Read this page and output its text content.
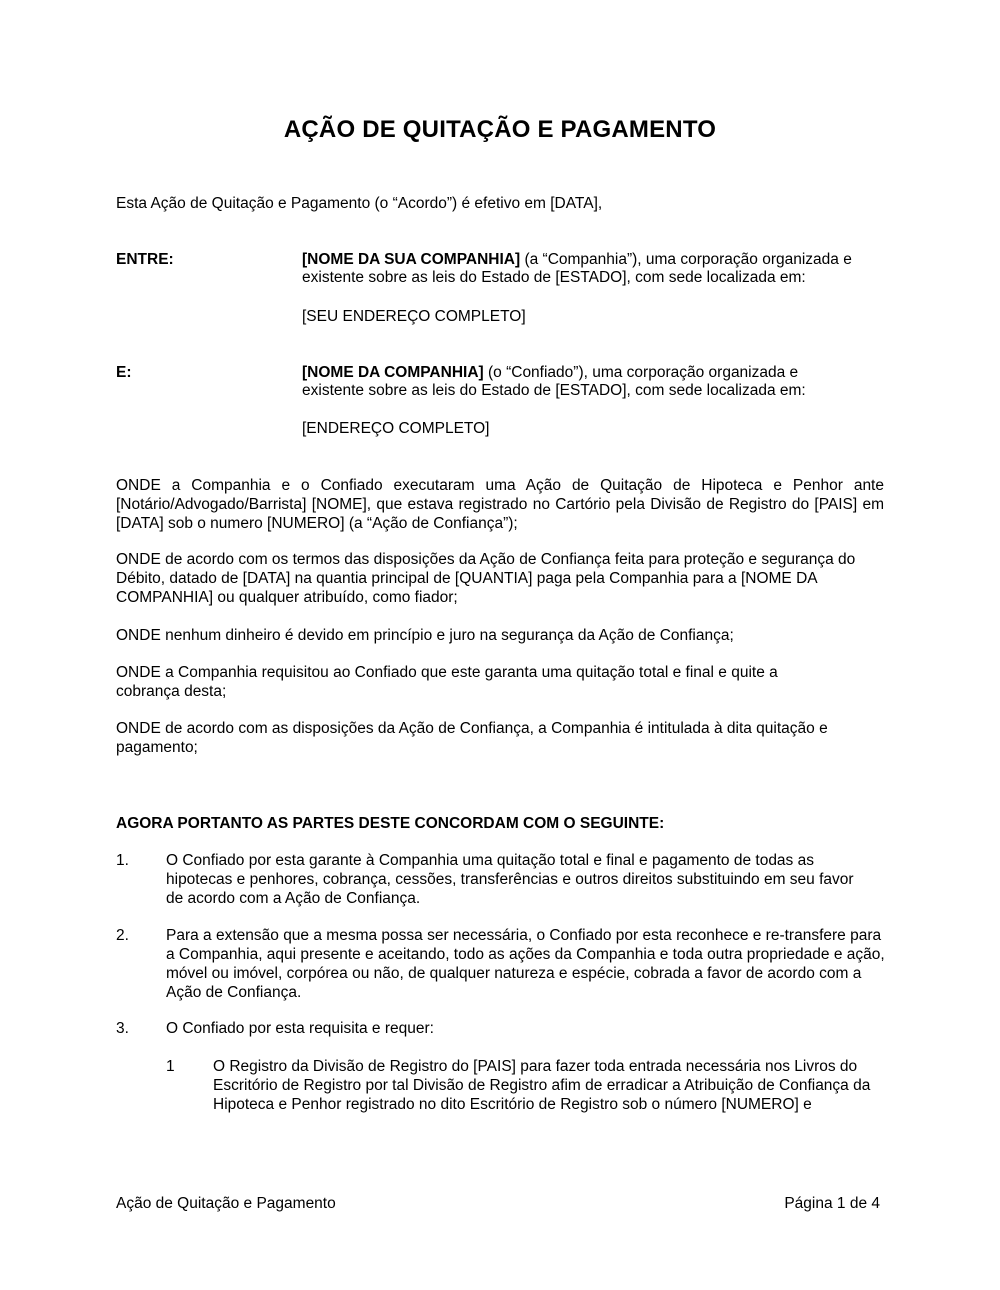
AÇÃO DE QUITAÇÃO E PAGAMENTO
Esta Ação de Quitação e Pagamento (o “Acordo”) é efetivo em [DATA],
ENTRE:	[NOME DA SUA COMPANHIA] (a “Companhia”), uma corporação organizada e existente sobre as leis do Estado de [ESTADO], com sede localizada em:
[SEU ENDEREÇO COMPLETO]
E:	[NOME DA COMPANHIA] (o “Confiado”), uma corporação organizada e existente sobre as leis do Estado de [ESTADO], com sede localizada em:
[ENDEREÇO COMPLETO]
ONDE a Companhia e o Confiado executaram uma Ação de Quitação de Hipoteca e Penhor ante [Notário/Advogado/Barrista] [NOME], que estava registrado no Cartório pela Divisão de Registro do [PAIS] em [DATA] sob o numero [NUMERO] (a “Ação de Confiança”);
ONDE de acordo com os termos das disposições da Ação de Confiança feita para proteção e segurança do Débito, datado de [DATA] na quantia principal de [QUANTIA] paga pela Companhia para a [NOME DA COMPANHIA] ou qualquer atribuído, como fiador;
ONDE nenhum dinheiro é devido em princípio e juro na segurança da Ação de Confiança;
ONDE a Companhia requisitou ao Confiado que este garanta uma quitação total e final e quite a cobrança desta;
ONDE de acordo com as disposições da Ação de Confiança, a Companhia é intitulada à dita quitação e pagamento;
AGORA PORTANTO AS PARTES DESTE CONCORDAM COM O SEGUINTE:
1. O Confiado por esta garante à Companhia uma quitação total e final e pagamento de todas as hipotecas e penhores, cobrança, cessões, transferências e outros direitos substituindo em seu favor de acordo com a Ação de Confiança.
2. Para a extensão que a mesma possa ser necessária, o Confiado por esta reconhece e re-transfere para a Companhia, aqui presente e aceitando, todo as ações da Companhia e toda outra propriedade e ação, móvel ou imóvel, corpórea ou não, de qualquer natureza e espécie, cobrada a favor de acordo com a Ação de Confiança.
3. O Confiado por esta requisita e requer:
1 O Registro da Divisão de Registro do [PAIS] para fazer toda entrada necessária nos Livros do Escritório de Registro por tal Divisão de Registro afim de erradicar a Atribuição de Confiança da Hipoteca e Penhor registrado no dito Escritório de Registro sob o número [NUMERO] e
Ação de Quitação e Pagamento	Página 1 de 4
